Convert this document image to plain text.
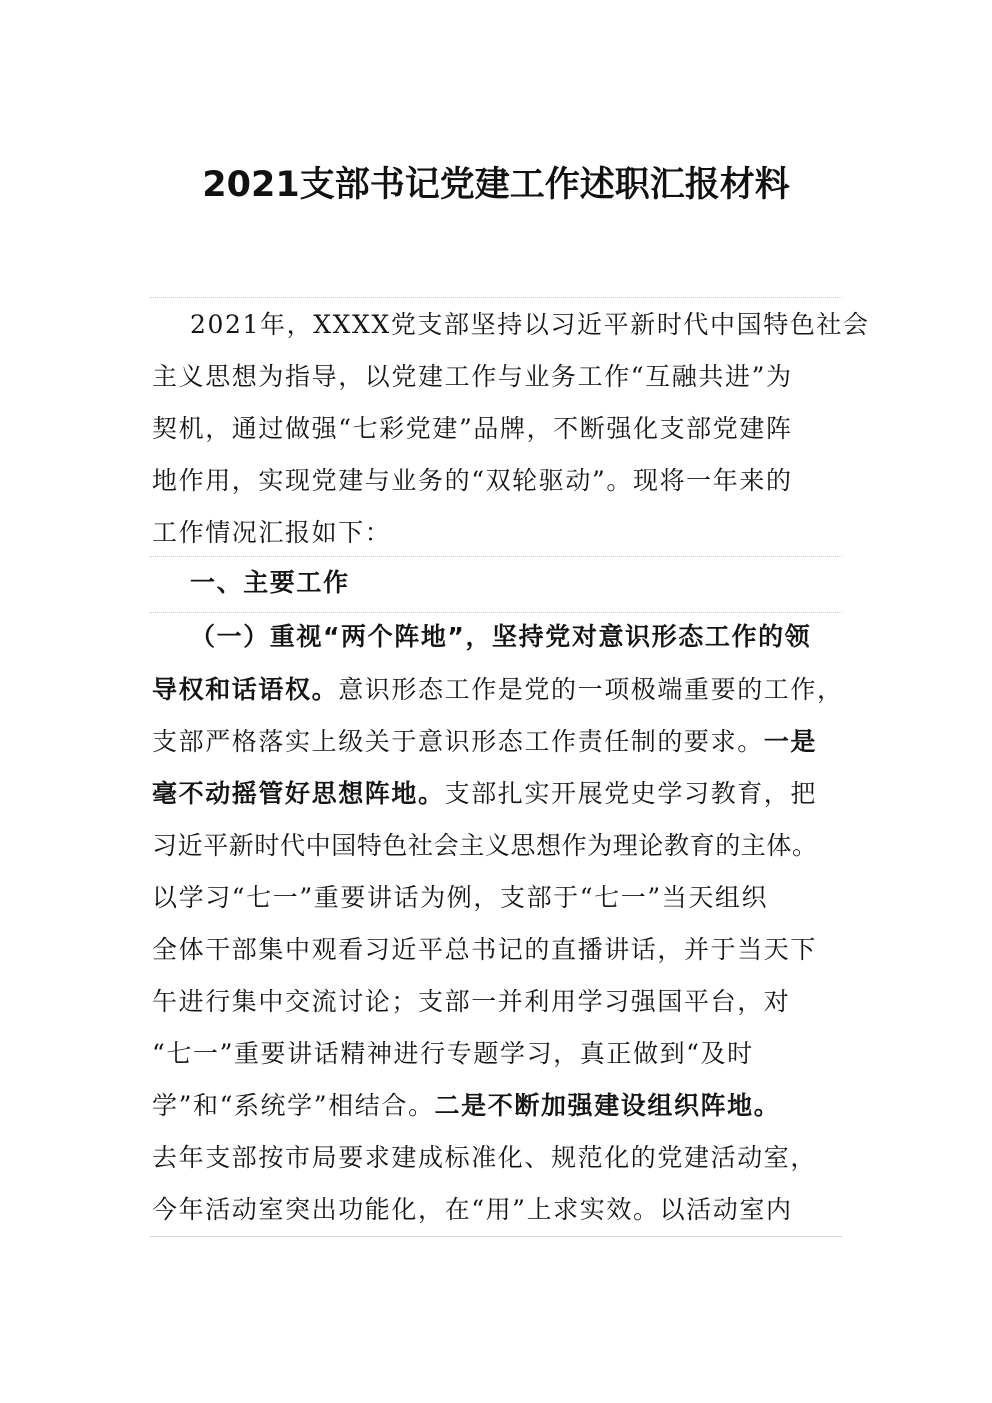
2021支部书记党建工作述职汇报材料
2021年，XXXX党支部坚持以习近平新时代中国特色社会
主义思想为指导，以党建工作与业务工作“互融共进”为
契机，通过做强“七彩党建”品牌，不断强化支部党建阵
地作用，实现党建与业务的“双轮驱动”。现将一年来的
工作情况汇报如下：
一、主要工作
（一）重视“两个阵地”，坚持党对意识形态工作的领
导权和话语权。意识形态工作是党的一项极端重要的工作，
支部严格落实上级关于意识形态工作责任制的要求。一是
毫不动摇管好思想阵地。支部扎实开展党史学习教育，把
习近平新时代中国特色社会主义思想作为理论教育的主体。
以学习“七一”重要讲话为例，支部于“七一”当天组织
全体干部集中观看习近平总书记的直播讲话，并于当天下
午进行集中交流讨论；支部一并利用学习强国平台，对
“七一”重要讲话精神进行专题学习，真正做到“及时
学”和“系统学”相结合。二是不断加强建设组织阵地。
去年支部按市局要求建成标准化、规范化的党建活动室，
今年活动室突出功能化，在“用”上求实效。以活动室内
